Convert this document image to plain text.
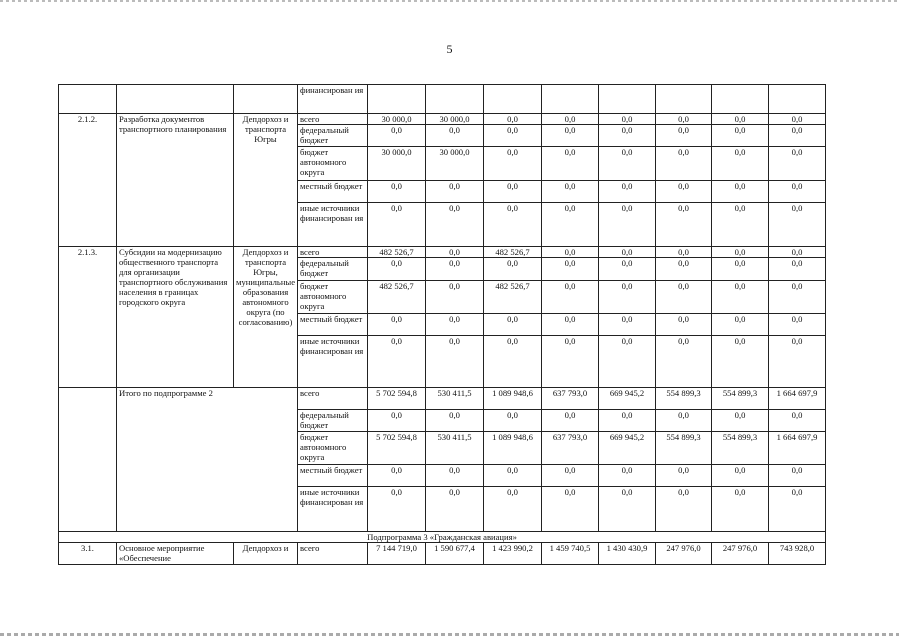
5
			финансирован ия								
2.1.2.	Разработка документов транспортного планирования	Депдорхоз и транспорта Югры	всего	30 000,0	30 000,0	0,0	0,0	0,0	0,0	0,0	0,0
			федеральный бюджет	0,0	0,0	0,0	0,0	0,0	0,0	0,0	0,0
			бюджет автономного округа	30 000,0	30 000,0	0,0	0,0	0,0	0,0	0,0	0,0
			местный бюджет	0,0	0,0	0,0	0,0	0,0	0,0	0,0	0,0
			иные источники финансирован ия	0,0	0,0	0,0	0,0	0,0	0,0	0,0	0,0
2.1.3.	Субсидии на модернизацию общественного транспорта для организации транспортного обслуживания населения в границах городского округа	Депдорхоз и транспорта Югры, муниципальные образования автономного округа (по согласованию)	всего	482 526,7	0,0	482 526,7	0,0	0,0	0,0	0,0	0,0
			федеральный бюджет	0,0	0,0	0,0	0,0	0,0	0,0	0,0	0,0
			бюджет автономного округа	482 526,7	0,0	482 526,7	0,0	0,0	0,0	0,0	0,0
			местный бюджет	0,0	0,0	0,0	0,0	0,0	0,0	0,0	0,0
			иные источники финансирован ия	0,0	0,0	0,0	0,0	0,0	0,0	0,0	0,0
	Итого по подпрограмме 2		всего	5 702 594,8	530 411,5	1 089 948,6	637 793,0	669 945,2	554 899,3	554 899,3	1 664 697,9
			федеральный бюджет	0,0	0,0	0,0	0,0	0,0	0,0	0,0	0,0
			бюджет автономного округа	5 702 594,8	530 411,5	1 089 948,6	637 793,0	669 945,2	554 899,3	554 899,3	1 664 697,9
			местный бюджет	0,0	0,0	0,0	0,0	0,0	0,0	0,0	0,0
			иные источники финансирован ия	0,0	0,0	0,0	0,0	0,0	0,0	0,0	0,0
Подпрограмма 3 «Гражданская авиация»											
3.1.	Основное мероприятие «Обеспечение	Депдорхоз и	всего	7 144 719,0	1 590 677,4	1 423 990,2	1 459 740,5	1 430 430,9	247 976,0	247 976,0	743 928,0
